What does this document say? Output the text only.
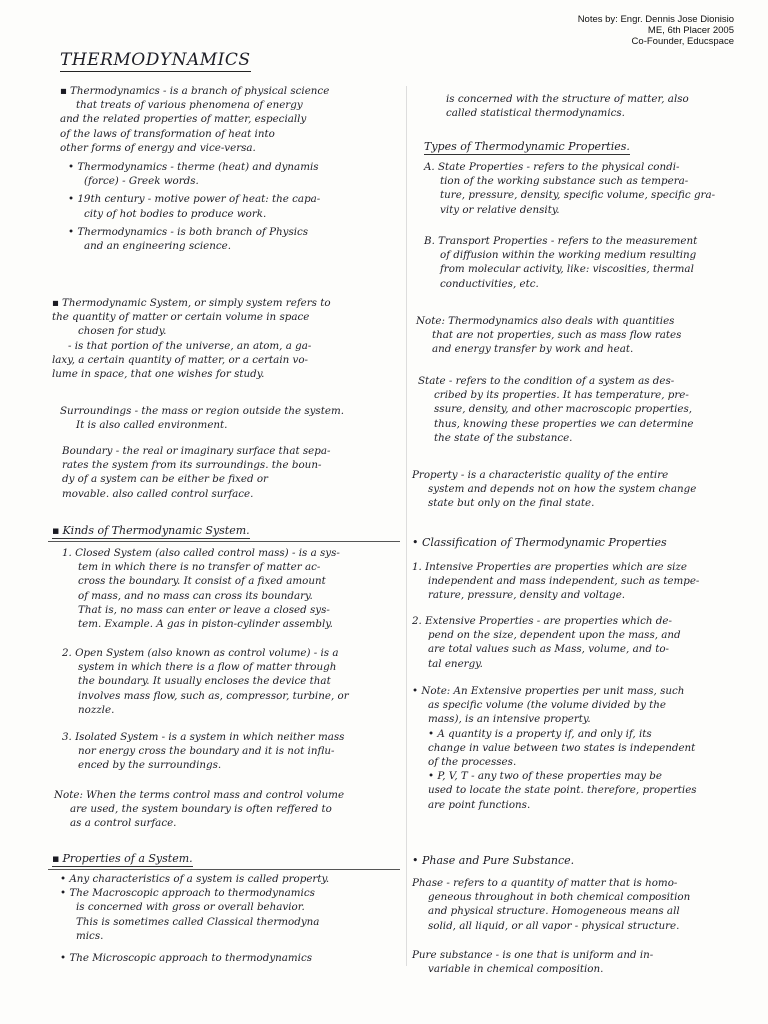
Notes by: Engr. Dennis Jose Dionisio
ME, 6th Placer 2005
Co-Founder, Educspace
THERMODYNAMICS

▪ Thermodynamics - is a branch of physical science

that treats of various phenomena of energy

and the related properties of matter, especially

of the laws of transformation of heat into

other forms of energy and vice-versa.

• Thermodynamics - therme (heat) and dynamis

(force) - Greek words.

• 19th century - motive power of heat: the capa-

city of hot bodies to produce work.

• Thermodynamics - is both branch of Physics

and an engineering science.

▪ Thermodynamic System, or simply system refers to

the quantity of matter or certain volume in space

chosen for study.

- is that portion of the universe, an atom, a ga-

laxy, a certain quantity of matter, or a certain vo-

lume in space, that one wishes for study.

Surroundings - the mass or region outside the system.

It is also called environment.

Boundary - the real or imaginary surface that sepa-

rates the system from its surroundings. the boun-

dy of a system can be either be fixed or

movable. also called control surface.

▪ Kinds of Thermodynamic System.

1. Closed System (also called control mass) - is a sys-

tem in which there is no transfer of matter ac-

cross the boundary. It consist of a fixed amount

of mass, and no mass can cross its boundary.

That is, no mass can enter or leave a closed sys-

tem. Example. A gas in piston-cylinder assembly.

2. Open System (also known as control volume) - is a

system in which there is a flow of matter through

the boundary. It usually encloses the device that

involves mass flow, such as, compressor, turbine, or

nozzle.

3. Isolated System - is a system in which neither mass

nor energy cross the boundary and it is not influ-

enced by the surroundings.

Note: When the terms control mass and control volume

are used, the system boundary is often reffered to

as a control surface.

▪ Properties of a System.

• Any characteristics of a system is called property.

• The Macroscopic approach to thermodynamics

is concerned with gross or overall behavior.

This is sometimes called Classical thermodyna

mics.

• The Microscopic approach to thermodynamics

is concerned with the structure of matter, also

called statistical thermodynamics.

Types of Thermodynamic Properties.

A. State Properties - refers to the physical condi-

tion of the working substance such as tempera-

ture, pressure, density, specific volume, specific gra-

vity or relative density.

B. Transport Properties - refers to the measurement

of diffusion within the working medium resulting

from molecular activity, like: viscosities, thermal

conductivities, etc.

Note: Thermodynamics also deals with quantities

that are not properties, such as mass flow rates

and energy transfer by work and heat.

State - refers to the condition of a system as des-

cribed by its properties. It has temperature, pre-

ssure, density, and other macroscopic properties,

thus, knowing these properties we can determine

the state of the substance.

Property - is a characteristic quality of the entire

system and depends not on how the system change

state but only on the final state.

• Classification of Thermodynamic Properties

1. Intensive Properties are properties which are size

independent and mass independent, such as tempe-

rature, pressure, density and voltage.

2. Extensive Properties - are properties which de-

pend on the size, dependent upon the mass, and

are total values such as Mass, volume, and to-

tal energy.

• Note: An Extensive properties per unit mass, such

as specific volume (the volume divided by the

mass), is an intensive property.

• A quantity is a property if, and only if, its

change in value between two states is independent

of the processes.

• P, V, T - any two of these properties may be

used to locate the state point. therefore, properties

are point functions.

• Phase and Pure Substance.

Phase - refers to a quantity of matter that is homo-

geneous throughout in both chemical composition

and physical structure. Homogeneous means all

solid, all liquid, or all vapor - physical structure.

Pure substance - is one that is uniform and in-

variable in chemical composition.
